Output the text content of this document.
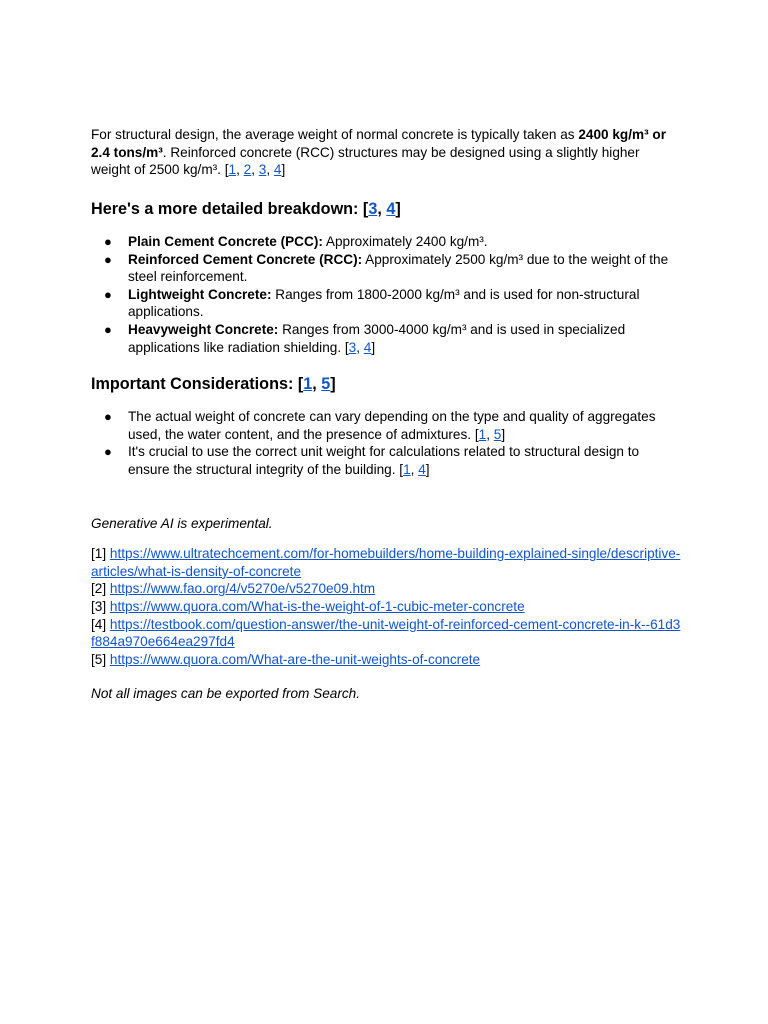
For structural design, the average weight of normal concrete is typically taken as 2400 kg/m³ or 2.4 tons/m³. Reinforced concrete (RCC) structures may be designed using a slightly higher weight of 2500 kg/m³. [1, 2, 3, 4]

Here's a more detailed breakdown: [3, 4]
● Plain Cement Concrete (PCC): Approximately 2400 kg/m³.
● Reinforced Cement Concrete (RCC): Approximately 2500 kg/m³ due to the weight of the steel reinforcement.
● Lightweight Concrete: Ranges from 1800-2000 kg/m³ and is used for non-structural applications.
● Heavyweight Concrete: Ranges from 3000-4000 kg/m³ and is used in specialized applications like radiation shielding. [3, 4]
Important Considerations: [1, 5]
● The actual weight of concrete can vary depending on the type and quality of aggregates used, the water content, and the presence of admixtures. [1, 5]
● It's crucial to use the correct unit weight for calculations related to structural design to ensure the structural integrity of the building. [1, 4]

Generative AI is experimental.

[1] https://www.ultratechcement.com/for-homebuilders/home-building-explained-single/descriptive-articles/what-is-density-of-concrete
[2] https://www.fao.org/4/v5270e/v5270e09.htm
[3] https://www.quora.com/What-is-the-weight-of-1-cubic-meter-concrete
[4] https://testbook.com/question-answer/the-unit-weight-of-reinforced-cement-concrete-in-k--61d3f884a970e664ea297fd4
[5] https://www.quora.com/What-are-the-unit-weights-of-concrete

Not all images can be exported from Search.
